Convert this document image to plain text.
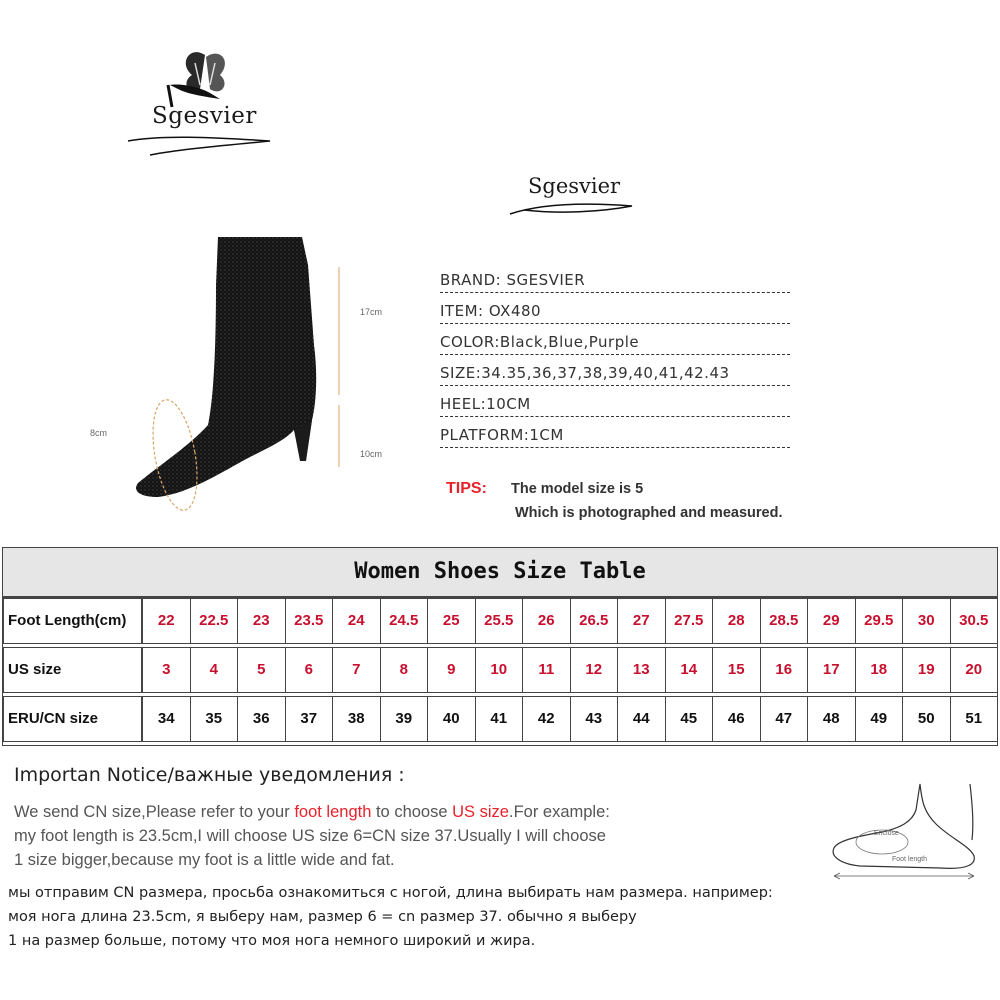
Sgesvier
Sgesvier
17cm
10cm
8cm
BRAND: SGESVIER
ITEM: OX480
COLOR:Black,Blue,Purple
SIZE:34.35,36,37,38,39,40,41,42.43
HEEL:10CM
PLATFORM:1CM
TIPS: The model size is 5
Which is photographed and measured.
Women Shoes Size Table
Foot Length(cm)	22	22.5	23	23.5	24	24.5	25	25.5	26	26.5	27	27.5	28	28.5	29	29.5	30	30.5
US size	3	4	5	6	7	8	9	10	11	12	13	14	15	16	17	18	19	20
ERU/CN size	34	35	36	37	38	39	40	41	42	43	44	45	46	47	48	49	50	51
Importan Notice/важные уведомления :
We send CN size,Please refer to your foot length to choose US size.For example:
my foot length is 23.5cm,I will choose US size 6=CN size 37.Usually I will choose
1 size bigger,because my foot is a little wide and fat.
мы отправим CN размера, просьба ознакомиться с ногой, длина выбирать нам размера. например:
моя нога длина 23.5cm, я выберу нам, размер 6 = cn размер 37. обычно я выберу
1 на размер больше, потому что моя нога немного широкий и жира.
Enclose
Foot length
